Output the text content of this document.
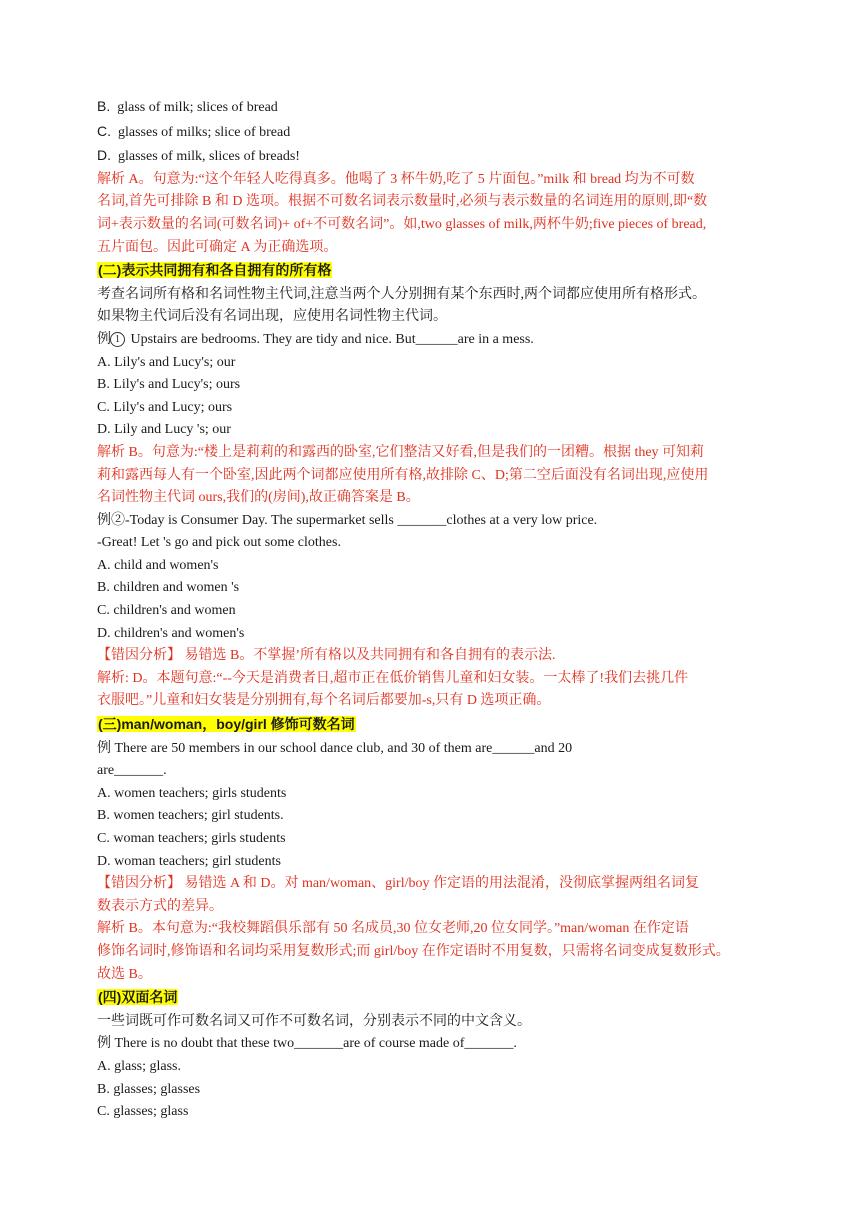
B. glass of milk; slices of bread
C. glasses of milks; slice of bread
D. glasses of milk, slices of breads!
解析 A。句意为:“这个年轻人吃得真多。他喝了 3 杯牛奶,吃了 5 片面包。”milk 和 bread 均为不可数
名词,首先可排除 B 和 D 选项。根据不可数名词表示数量时,必须与表示数量的名词连用的原则,即“数
词+表示数量的名词(可数名词)+ of+不可数名词”。如,two glasses of milk,两杯牛奶;five pieces of bread,
五片面包。因此可确定 A 为正确选项。
(二)表示共同拥有和各自拥有的所有格
考查名词所有格和名词性物主代词,注意当两个人分别拥有某个东西时,两个词都应使用所有格形式。
如果物主代词后没有名词出现，应使用名词性物主代词。
例 1 Upstairs are bedrooms. They are tidy and nice. But______are in a mess.
A. Lily's and Lucy's; our
B. Lily's and Lucy's; ours
C. Lily's and Lucy; ours
D. Lily and Lucy 's; our
解析 B。句意为:“楼上是莉莉的和露西的卧室,它们整洁又好看,但是我们的一团糟。根据 they 可知莉
莉和露西每人有一个卧室,因此两个词都应使用所有格,故排除 C、D;第二空后面没有名词出现,应使用
名词性物主代词 ours,我们的(房间),故正确答案是 B。
例②-Today is Consumer Day. The supermarket sells _______clothes at a very low price.
-Great! Let 's go and pick out some clothes.
A. child and women's
B. children and women 's
C. children's and women
D. children's and women's
【错因分析】 易错选 B。不掌握’所有格以及共同拥有和各自拥有的表示法.
解析: D。本题句意:“--今天是消费者日,超市正在低价销售儿童和妇女装。一太棒了!我们去挑几件
衣服吧。”儿童和妇女装是分别拥有,每个名词后都要加-s,只有 D 选项正确。
(三)man/woman，boy/girl 修饰可数名词
例 There are 50 members in our school dance club, and 30 of them are______and 20
are_______.
A. women teachers; girls students
B. women teachers; girl students.
C. woman teachers; girls students
D. woman teachers; girl students
【错因分析】 易错选 A 和 D。对 man/woman、girl/boy 作定语的用法混淆，没彻底掌握两组名词复
数表示方式的差异。
解析 B。本句意为:“我校舞蹈俱乐部有 50 名成员,30 位女老师,20 位女同学。”man/woman 在作定语
修饰名词时,修饰语和名词均采用复数形式;而 girl/boy 在作定语时不用复数，只需将名词变成复数形式。
故选 B。
(四)双面名词
一些词既可作可数名词又可作不可数名词，分别表示不同的中文含义。
例 There is no doubt that these two_______are of course made of_______.
A. glass; glass.
B. glasses; glasses
C. glasses; glass
